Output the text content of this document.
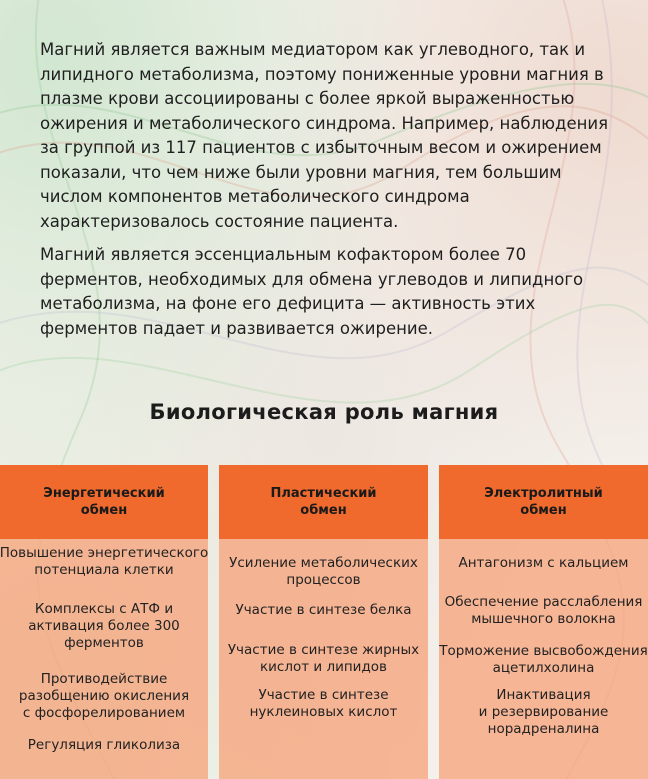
Магний является важным медиатором как углеводного, так и липидного метаболизма, поэтому пониженные уровни магния в плазме крови ассоциированы с более яркой выраженностью ожирения и метаболического синдрома. Например, наблюдения за группой из 117 пациентов с избыточным весом и ожирением показали, что чем ниже были уровни магния, тем большим числом компонентов метаболического синдрома характеризовалось состояние пациента.

Магний является эссенциальным кофактором более 70 ферментов, необходимых для обмена углеводов и липидного метаболизма, на фоне его дефицита — активность этих ферментов падает и развивается ожирение.

Биологическая роль магния
Энергетический
обмен
Повышение энергетического
потенциала клетки
Комплексы с АТФ и
активация более 300
ферментов
Противодействие
разобщению окисления
с фосфорелированием
Регуляция гликолиза
Пластический
обмен
Усиление метаболических
процессов
Участие в синтезе белка
Участие в синтезе жирных
кислот и липидов
Участие в синтезе
нуклеиновых кислот
Электролитный
обмен
Антагонизм с кальцием
Обеспечение расслабления
мышечного волокна
Торможение высвобождения
ацетилхолина
Инактивация
и резервирование
норадреналина
